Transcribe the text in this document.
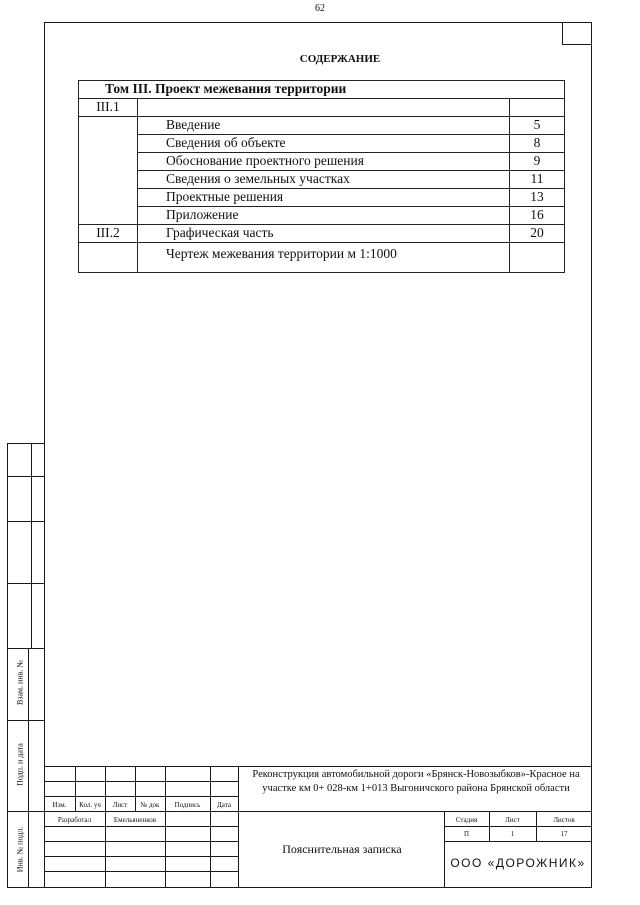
62
СОДЕРЖАНИЕ
Том III. Проект межевания территории		
III.1		
	Введение	5
	Сведения об объекте	8
	Обоснование проектного решения	9
	Сведения о земельных участках	11
	Проектные решения	13
	Приложение	16
III.2	Графическая часть	20
	Чертеж межевания территории м 1:1000	
Взам. инв. №
Подп. и дата
Инв. № подл.
Изм.	Кол. уч	Лист	№ док	Подпись	Дата
Разработал	Емельяненков
Реконструкция автомобильной дороги «Брянск-Новозыбков»-Красное на участке км 0+ 028-км 1+013 Выгоничского района Брянской области
Пояснительная записка
Стадия	Лист	Листов
П	1	17
ООО «ДОРОЖНИК»
